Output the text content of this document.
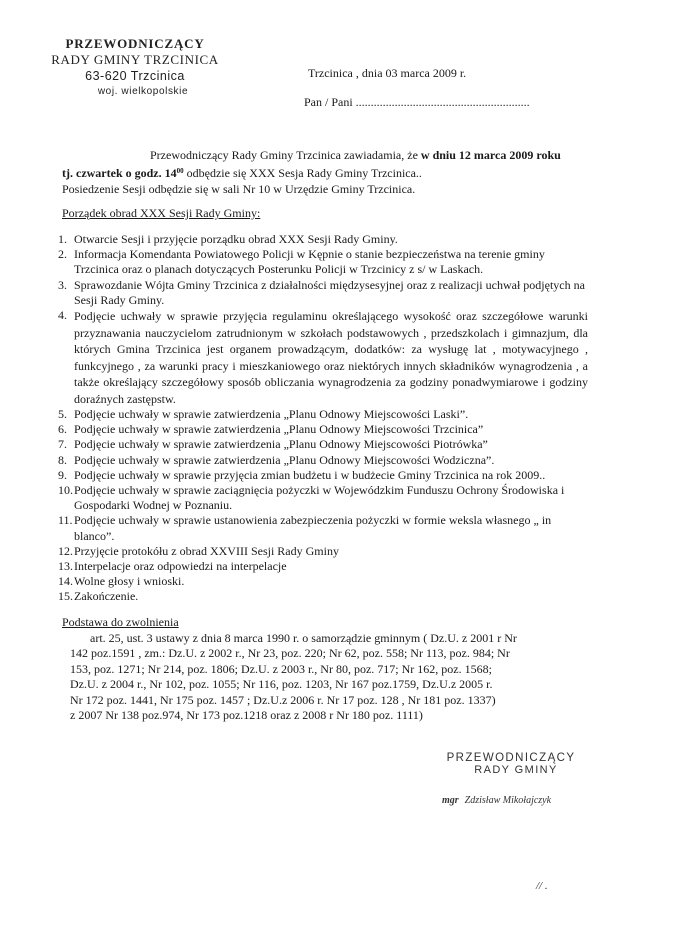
PRZEWODNICZĄCY
RADY GMINY TRZCINICA
63-620 Trzcinica
woj. wielkopolskie
Trzcinica , dnia 03 marca 2009 r.
Pan / Pani ..........................................................
Przewodniczący Rady Gminy Trzcinica zawiadamia, że w dniu 12 marca 2009 roku
tj. czwartek o godz. $14^{00}$ odbędzie się XXX Sesja Rady Gminy Trzcinica..
Posiedzenie Sesji odbędzie się w sali Nr 10 w Urzędzie Gminy Trzcinica.
Porządek obrad XXX Sesji Rady Gminy:
1. Otwarcie Sesji i przyjęcie porządku obrad XXX Sesji Rady Gminy.
2. Informacja Komendanta Powiatowego Policji w Kępnie o stanie bezpieczeństwa na terenie gminy Trzcinica oraz o planach dotyczących Posterunku Policji w Trzcinicy z s/ w Laskach.
3. Sprawozdanie Wójta Gminy Trzcinica z działalności międzysesyjnej oraz z realizacji uchwał podjętych na Sesji Rady Gminy.
4. Podjęcie uchwały w sprawie przyjęcia regulaminu określającego wysokość oraz szczegółowe warunki przyznawania nauczycielom zatrudnionym w szkołach podstawowych , przedszkolach i gimnazjum, dla których Gmina Trzcinica jest organem prowadzącym, dodatków: za wysługę lat , motywacyjnego , funkcyjnego , za warunki pracy i mieszkaniowego oraz niektórych innych składników wynagrodzenia , a także określający szczegółowy sposób obliczania wynagrodzenia za godziny ponadwymiarowe i godziny doraźnych zastępstw.
5. Podjęcie uchwały w sprawie zatwierdzenia „Planu Odnowy Miejscowości Laski”.
6. Podjęcie uchwały w sprawie zatwierdzenia „Planu Odnowy Miejscowości Trzcinica”
7. Podjęcie uchwały w sprawie zatwierdzenia „Planu Odnowy Miejscowości Piotrówka”
8. Podjęcie uchwały w sprawie zatwierdzenia „Planu Odnowy Miejscowości Wodziczna”.
9. Podjęcie uchwały w sprawie przyjęcia zmian budżetu i w budżecie Gminy Trzcinica na rok 2009..
10. Podjęcie uchwały w sprawie zaciągnięcia pożyczki w Wojewódzkim Funduszu Ochrony Środowiska i Gospodarki Wodnej w Poznaniu.
11. Podjęcie uchwały w sprawie ustanowienia zabezpieczenia pożyczki w formie weksla własnego „ in blanco”.
12. Przyjęcie protokółu z obrad XXVIII Sesji Rady Gminy
13. Interpelacje oraz odpowiedzi na interpelacje
14. Wolne głosy i wnioski.
15. Zakończenie.
Podstawa do zwolnienia
art. 25, ust. 3 ustawy z dnia 8 marca 1990 r. o samorządzie gminnym ( Dz.U. z 2001 r Nr
142 poz.1591 , zm.: Dz.U. z 2002 r., Nr 23, poz. 220; Nr 62, poz. 558; Nr 113, poz. 984; Nr
153, poz. 1271; Nr 214, poz. 1806; Dz.U. z 2003 r., Nr 80, poz. 717; Nr 162, poz. 1568;
Dz.U. z 2004 r., Nr 102, poz. 1055; Nr 116, poz. 1203, Nr 167 poz.1759, Dz.U.z 2005 r.
Nr 172 poz. 1441, Nr 175 poz. 1457 ; Dz.U.z 2006 r. Nr 17 poz. 128 , Nr 181 poz. 1337)
z 2007 Nr 138 poz.974, Nr 173 poz.1218 oraz z 2008 r Nr 180 poz. 1111)
PRZEWODNICZĄCY
RADY GMINY
mgr Zdzisław Mikołajczyk
// .
